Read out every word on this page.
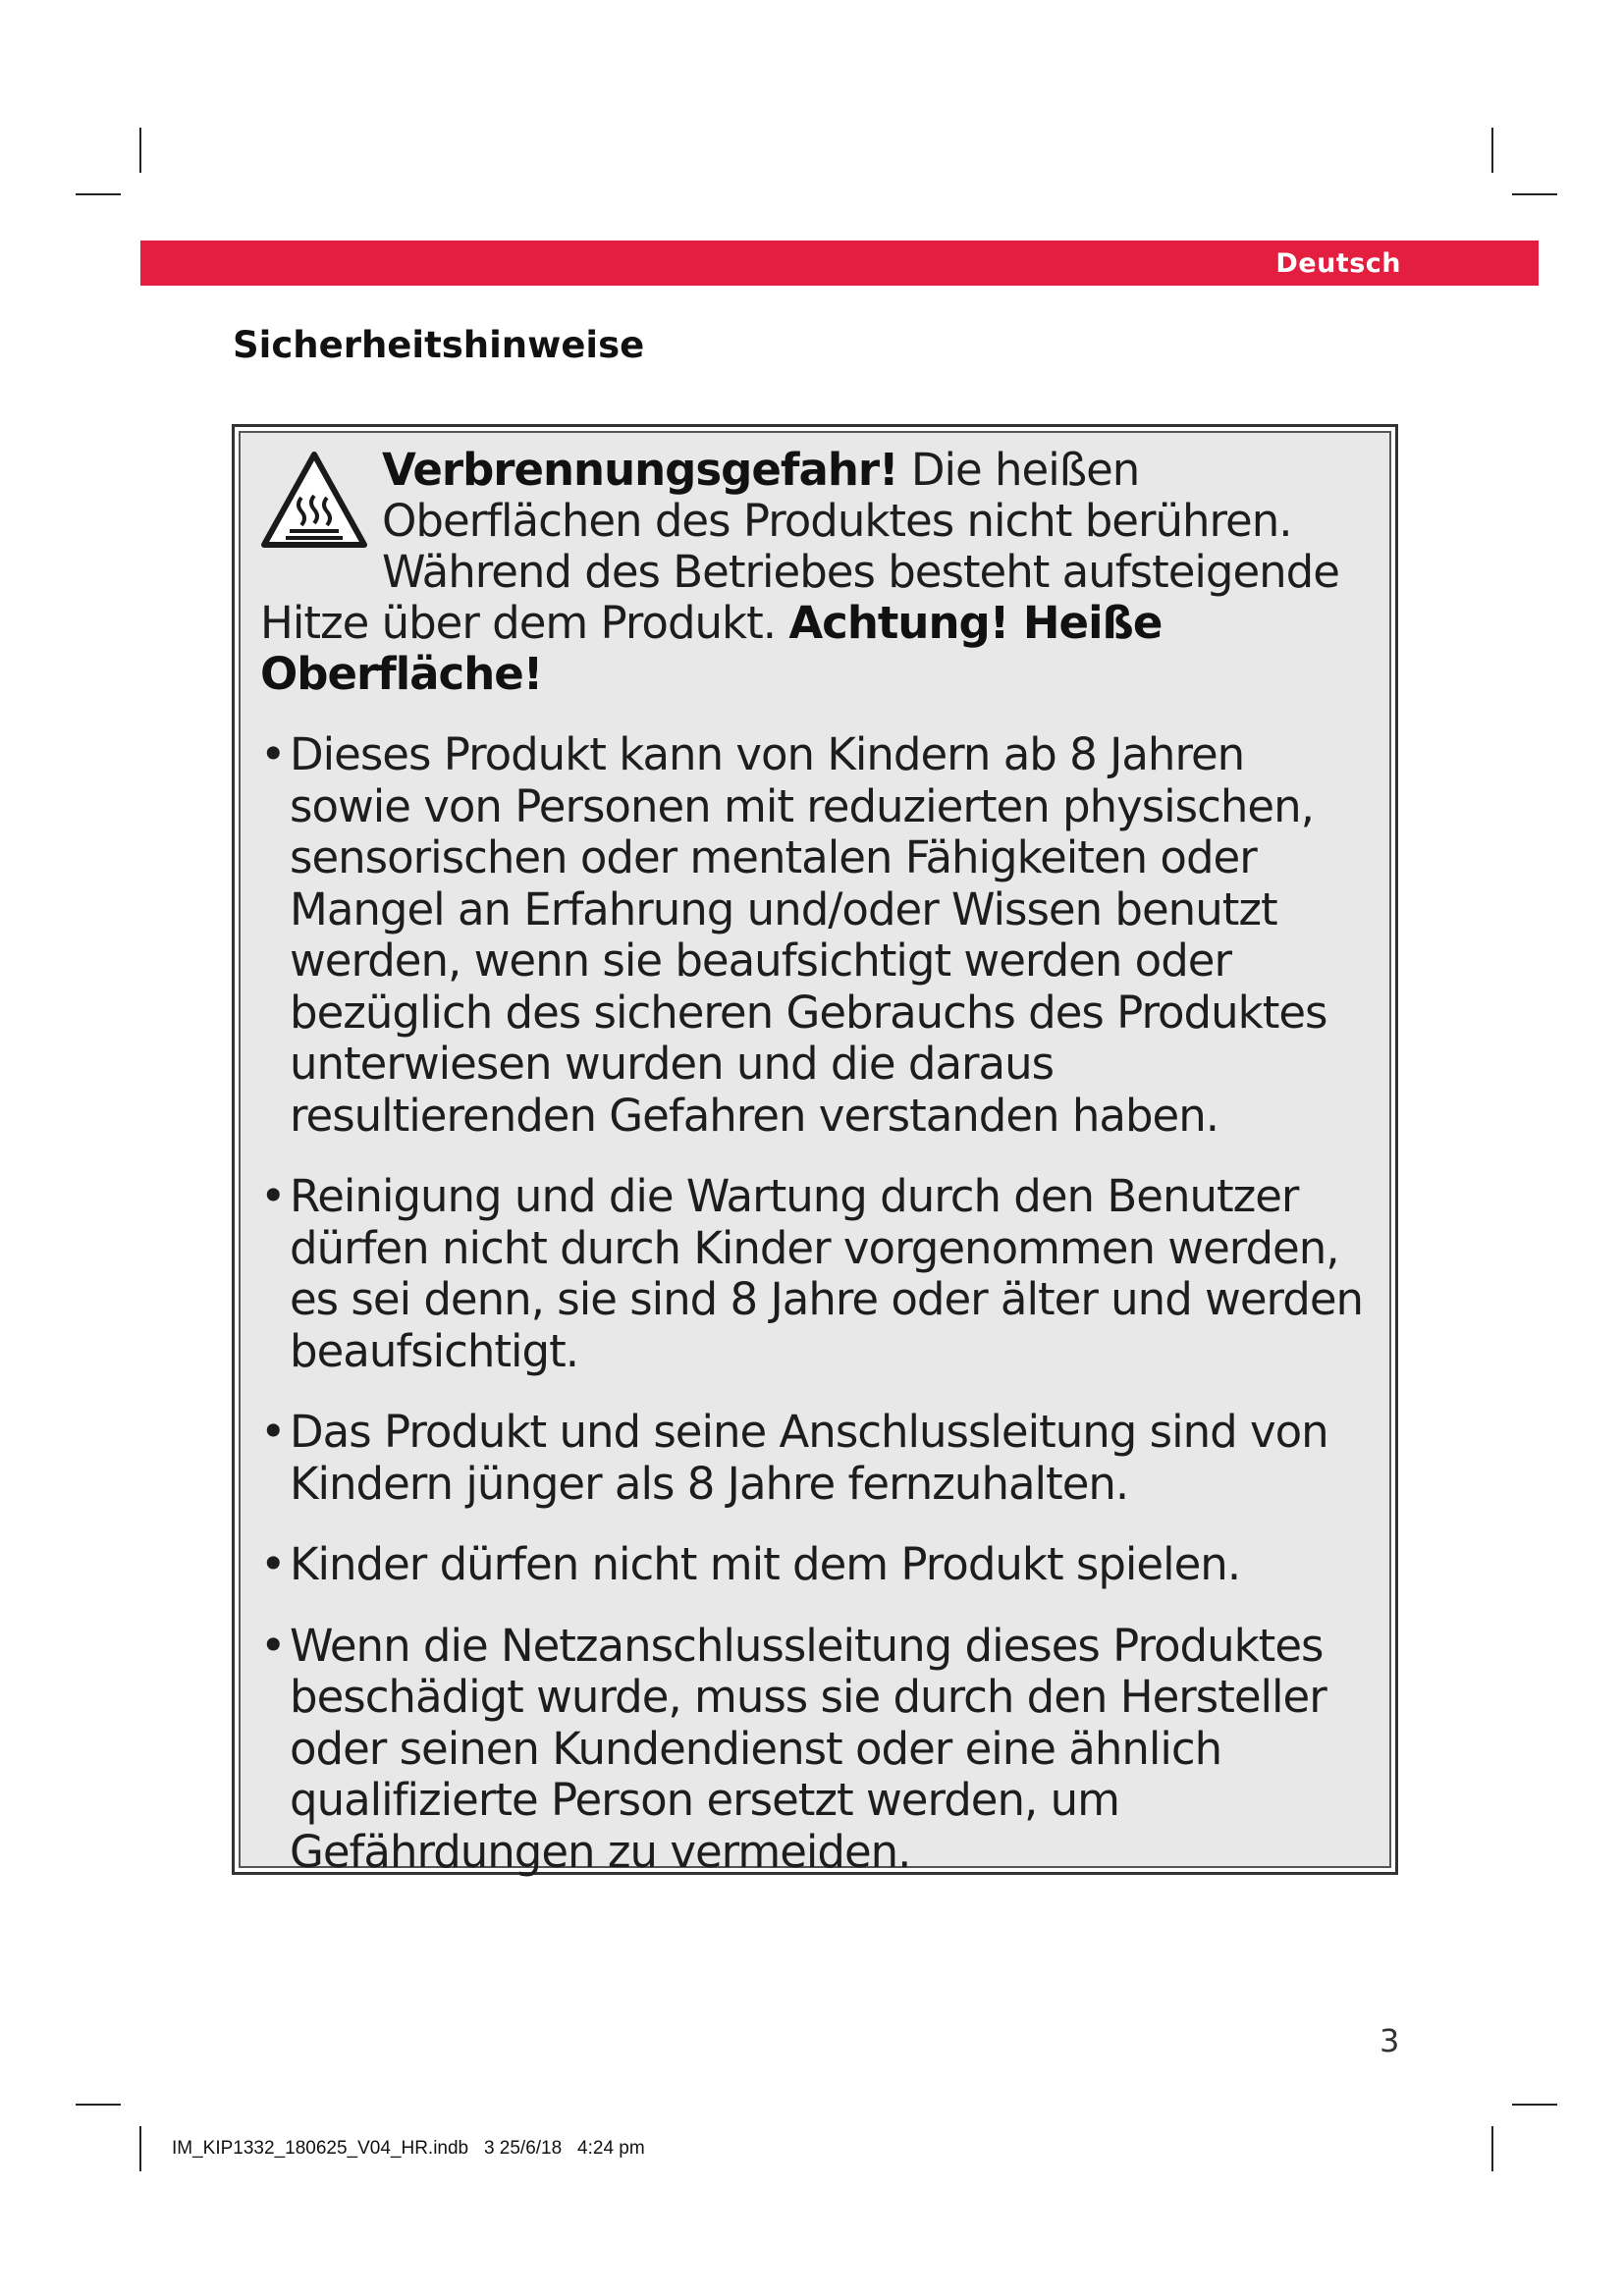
Deutsch
Sicherheitshinweise
Verbrennungsgefahr! Die heißen Oberflächen des Produktes nicht berühren. Während des Betriebes besteht aufsteigende Hitze über dem Produkt. Achtung! Heiße Oberfläche!
• Dieses Produkt kann von Kindern ab 8 Jahren sowie von Personen mit reduzierten physischen, sensorischen oder mentalen Fähigkeiten oder Mangel an Erfahrung und/oder Wissen benutzt werden, wenn sie beaufsichtigt werden oder bezüglich des sicheren Gebrauchs des Produktes unterwiesen wurden und die daraus resultierenden Gefahren verstanden haben.
• Reinigung und die Wartung durch den Benutzer dürfen nicht durch Kinder vorgenommen werden, es sei denn, sie sind 8 Jahre oder älter und werden beaufsichtigt.
• Das Produkt und seine Anschlussleitung sind von Kindern jünger als 8 Jahre fernzuhalten.
• Kinder dürfen nicht mit dem Produkt spielen.
• Wenn die Netzanschlussleitung dieses Produktes beschädigt wurde, muss sie durch den Hersteller oder seinen Kundendienst oder eine ähnlich qualifizierte Person ersetzt werden, um Gefährdungen zu vermeiden.
3
IM_KIP1332_180625_V04_HR.indb   3 25/6/18   4:24 pm
